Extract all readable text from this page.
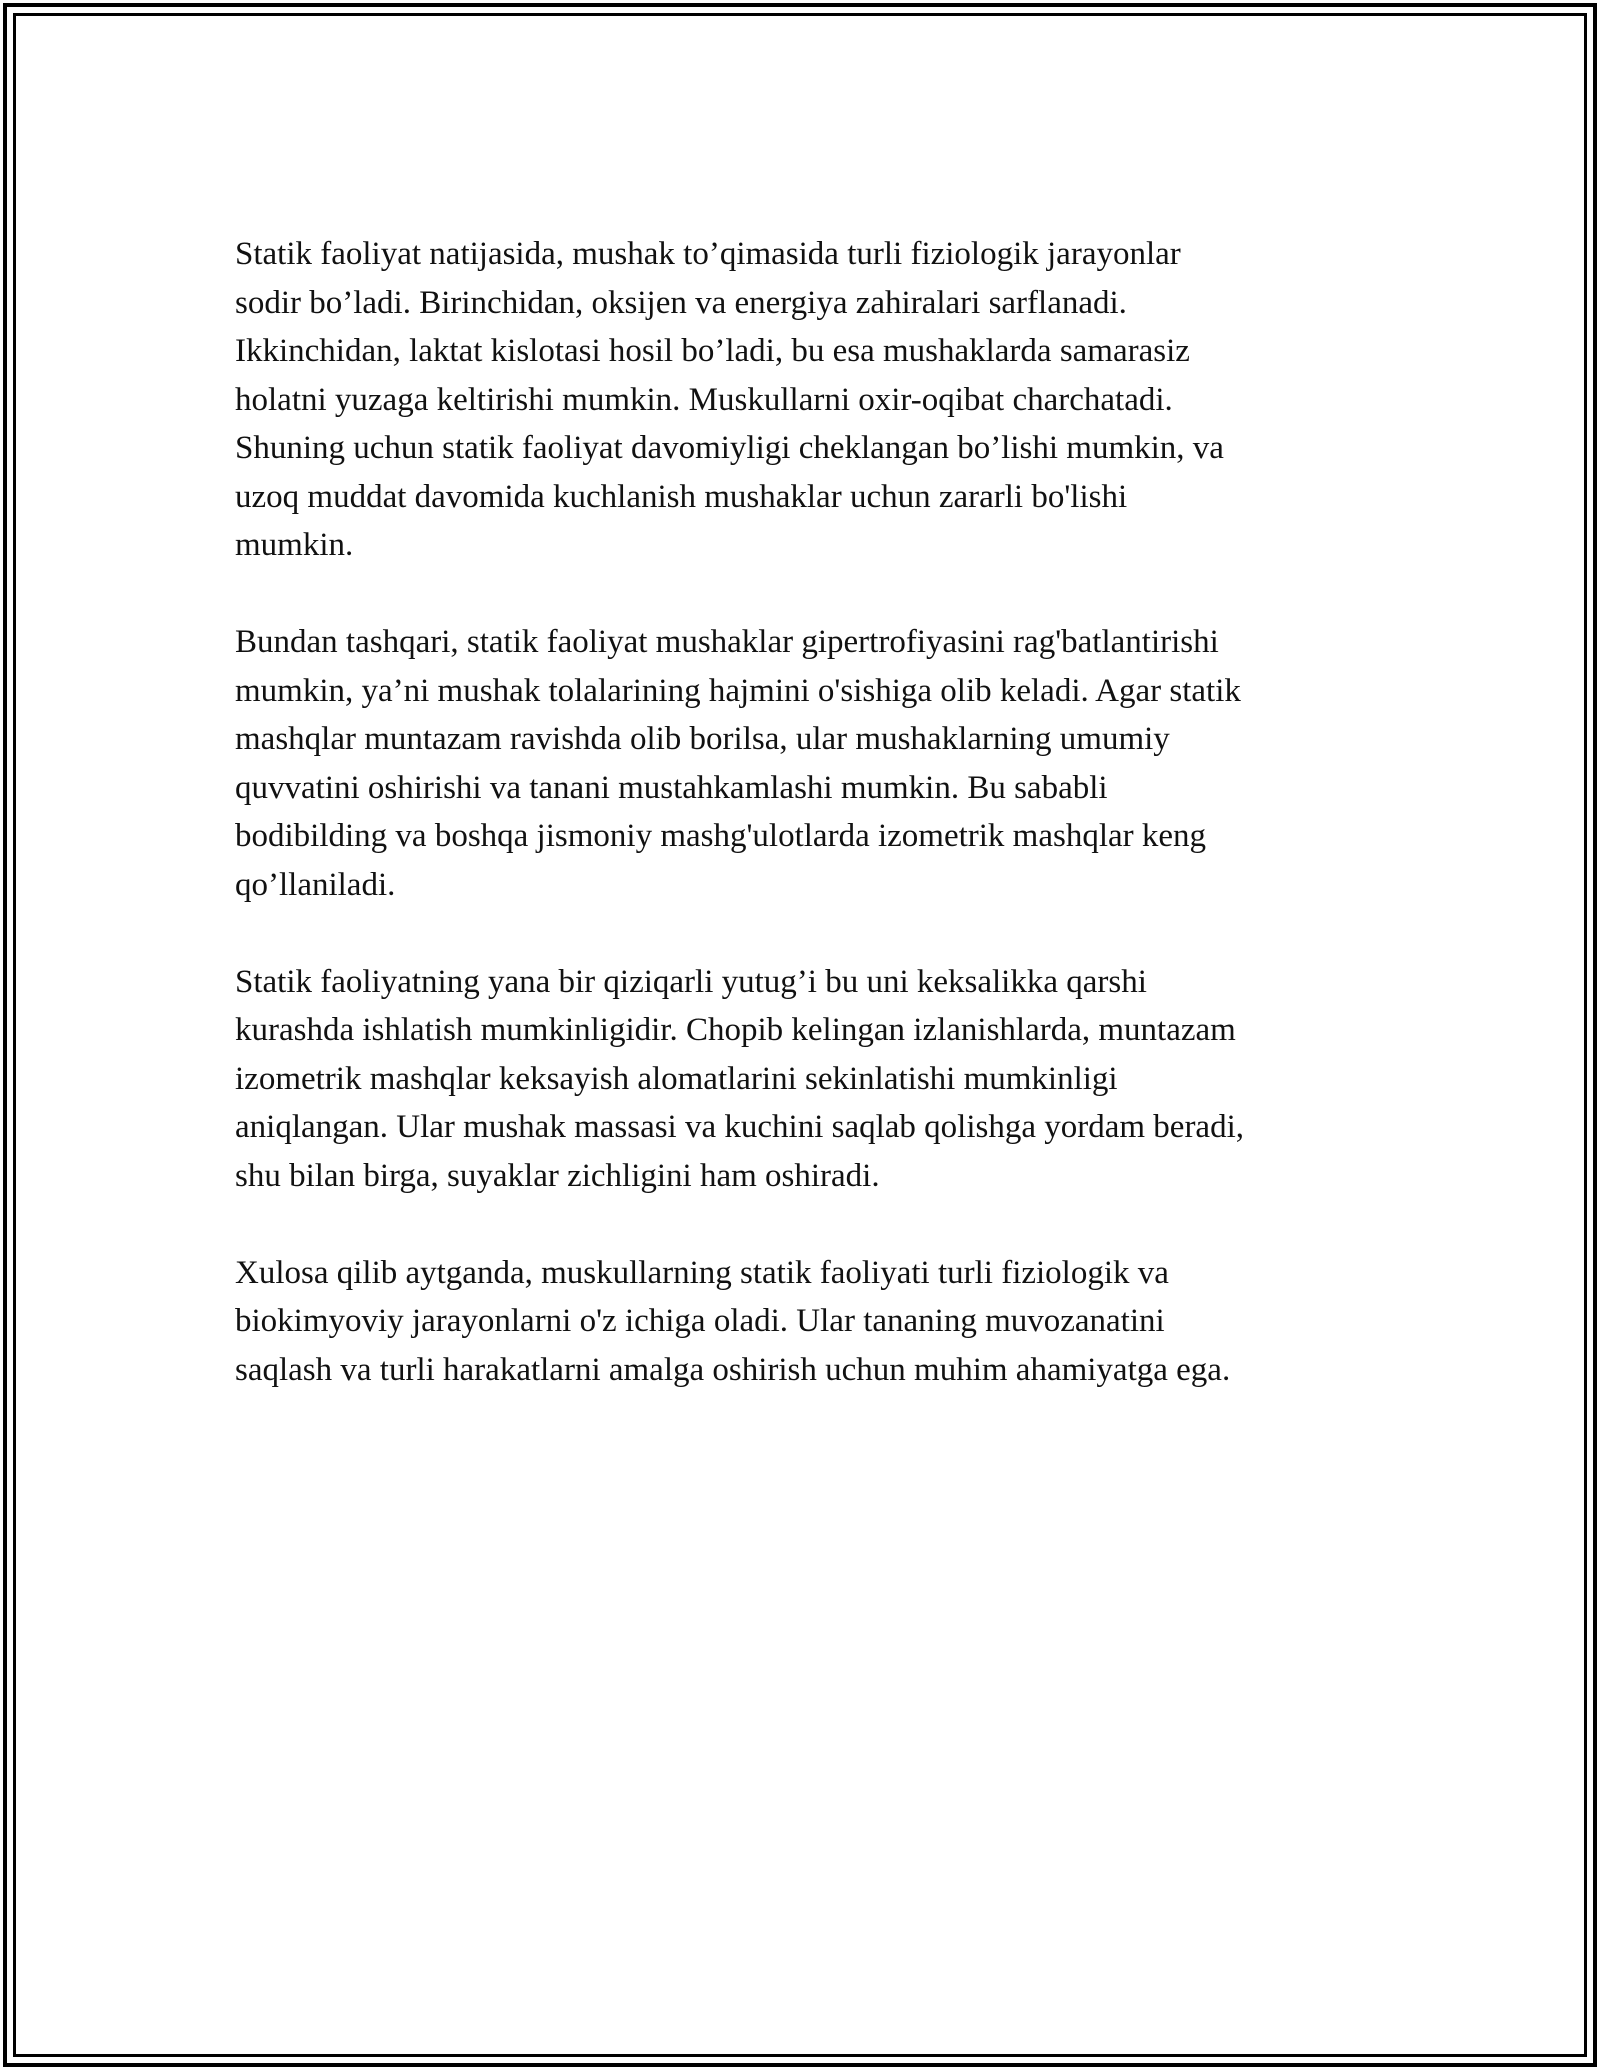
Statik faoliyat natijasida, mushak to’qimasida turli fiziologik jarayonlar
sodir bo’ladi. Birinchidan, oksijen va energiya zahiralari sarflanadi.
Ikkinchidan, laktat kislotasi hosil bo’ladi, bu esa mushaklarda samarasiz
holatni yuzaga keltirishi mumkin. Muskullarni oxir-oqibat charchatadi.
Shuning uchun statik faoliyat davomiyligi cheklangan bo’lishi mumkin, va
uzoq muddat davomida kuchlanish mushaklar uchun zararli bo'lishi
mumkin.

Bundan tashqari, statik faoliyat mushaklar gipertrofiyasini rag'batlantirishi
mumkin, ya’ni mushak tolalarining hajmini o'sishiga olib keladi. Agar statik
mashqlar muntazam ravishda olib borilsa, ular mushaklarning umumiy
quvvatini oshirishi va tanani mustahkamlashi mumkin. Bu sababli
bodibilding va boshqa jismoniy mashg'ulotlarda izometrik mashqlar keng
qo’llaniladi.

Statik faoliyatning yana bir qiziqarli yutug’i bu uni keksalikka qarshi
kurashda ishlatish mumkinligidir. Chopib kelingan izlanishlarda, muntazam
izometrik mashqlar keksayish alomatlarini sekinlatishi mumkinligi
aniqlangan. Ular mushak massasi va kuchini saqlab qolishga yordam beradi,
shu bilan birga, suyaklar zichligini ham oshiradi.

Xulosa qilib aytganda, muskullarning statik faoliyati turli fiziologik va
biokimyoviy jarayonlarni o'z ichiga oladi. Ular tananing muvozanatini
saqlash va turli harakatlarni amalga oshirish uchun muhim ahamiyatga ega.
